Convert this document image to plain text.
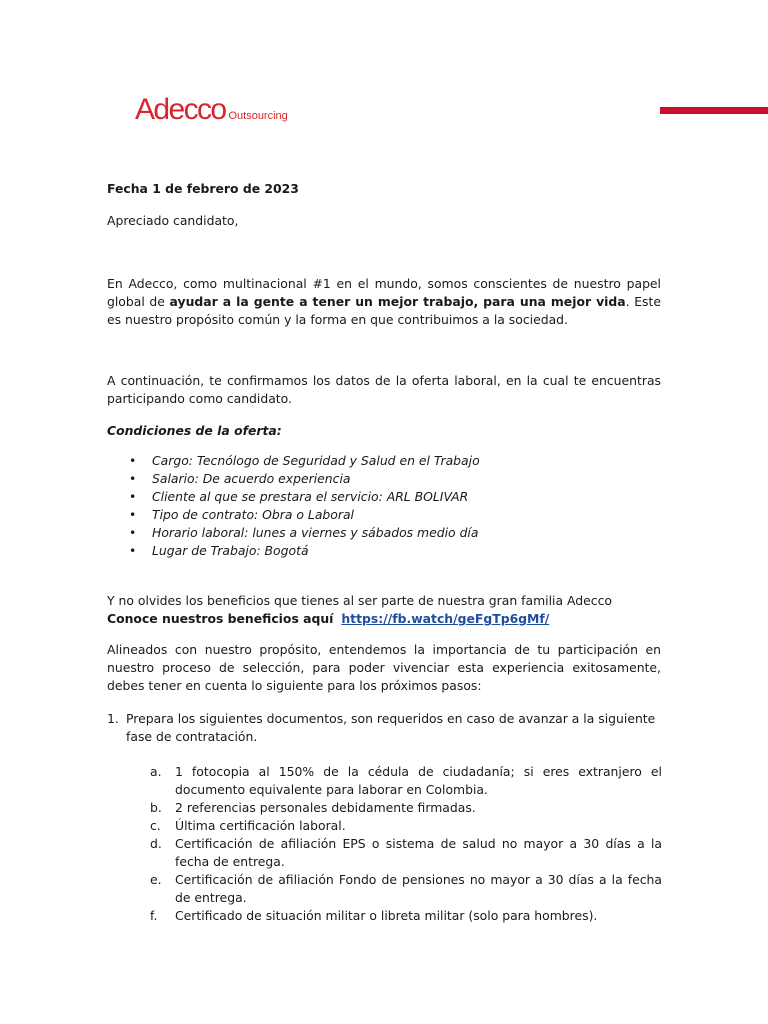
Adecco Outsourcing
Fecha 1 de febrero de 2023
Apreciado candidato,
En Adecco, como multinacional #1 en el mundo, somos conscientes de nuestro papel global de ayudar a la gente a tener un mejor trabajo, para una mejor vida. Este es nuestro propósito común y la forma en que contribuimos a la sociedad.
A continuación, te confirmamos los datos de la oferta laboral, en la cual te encuentras participando como candidato.
Condiciones de la oferta:
• Cargo: Tecnólogo de Seguridad y Salud en el Trabajo
• Salario: De acuerdo experiencia
• Cliente al que se prestara el servicio: ARL BOLIVAR
• Tipo de contrato: Obra o Laboral
• Horario laboral: lunes a viernes y sábados medio día
• Lugar de Trabajo: Bogotá
Y no olvides los beneficios que tienes al ser parte de nuestra gran familia Adecco Conoce nuestros beneficios aquí https://fb.watch/geFgTp6gMf/
Alineados con nuestro propósito, entendemos la importancia de tu participación en nuestro proceso de selección, para poder vivenciar esta experiencia exitosamente, debes tener en cuenta lo siguiente para los próximos pasos:
1. Prepara los siguientes documentos, son requeridos en caso de avanzar a la siguiente fase de contratación.
a. 1 fotocopia al 150% de la cédula de ciudadanía; si eres extranjero el documento equivalente para laborar en Colombia.
b. 2 referencias personales debidamente firmadas.
c. Última certificación laboral.
d. Certificación de afiliación EPS o sistema de salud no mayor a 30 días a la fecha de entrega.
e. Certificación de afiliación Fondo de pensiones no mayor a 30 días a la fecha de entrega.
f. Certificado de situación militar o libreta militar (solo para hombres).
